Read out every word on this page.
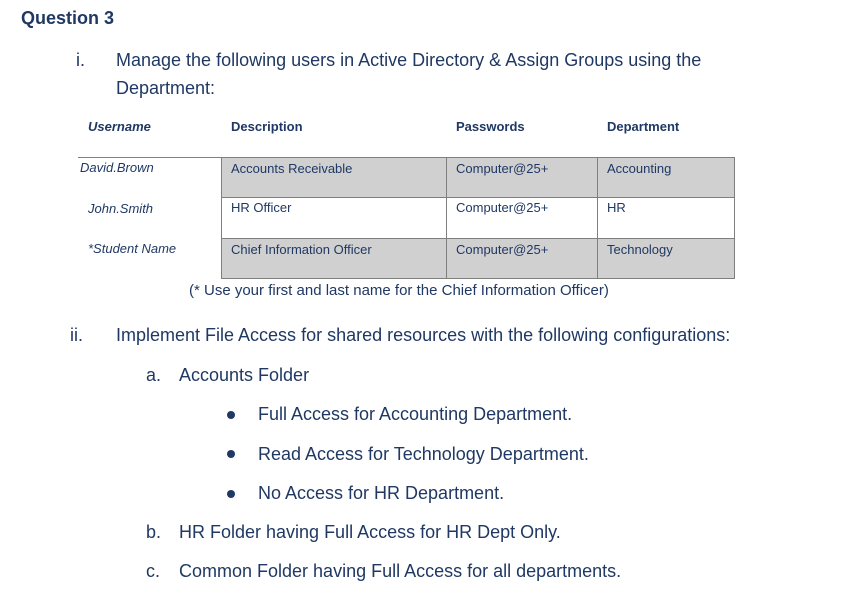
Question 3
i. Manage the following users in Active Directory & Assign Groups using the
Department:
Username	Description	Passwords	Department
David.Brown	Accounts Receivable	Computer@25+	Accounting
John.Smith	HR Officer	Computer@25+	HR
*Student Name	Chief Information Officer	Computer@25+	Technology
(* Use your first and last name for the Chief Information Officer)
ii. Implement File Access for shared resources with the following configurations:
a. Accounts Folder
Full Access for Accounting Department.
Read Access for Technology Department.
No Access for HR Department.
b. HR Folder having Full Access for HR Dept Only.
c. Common Folder having Full Access for all departments.
